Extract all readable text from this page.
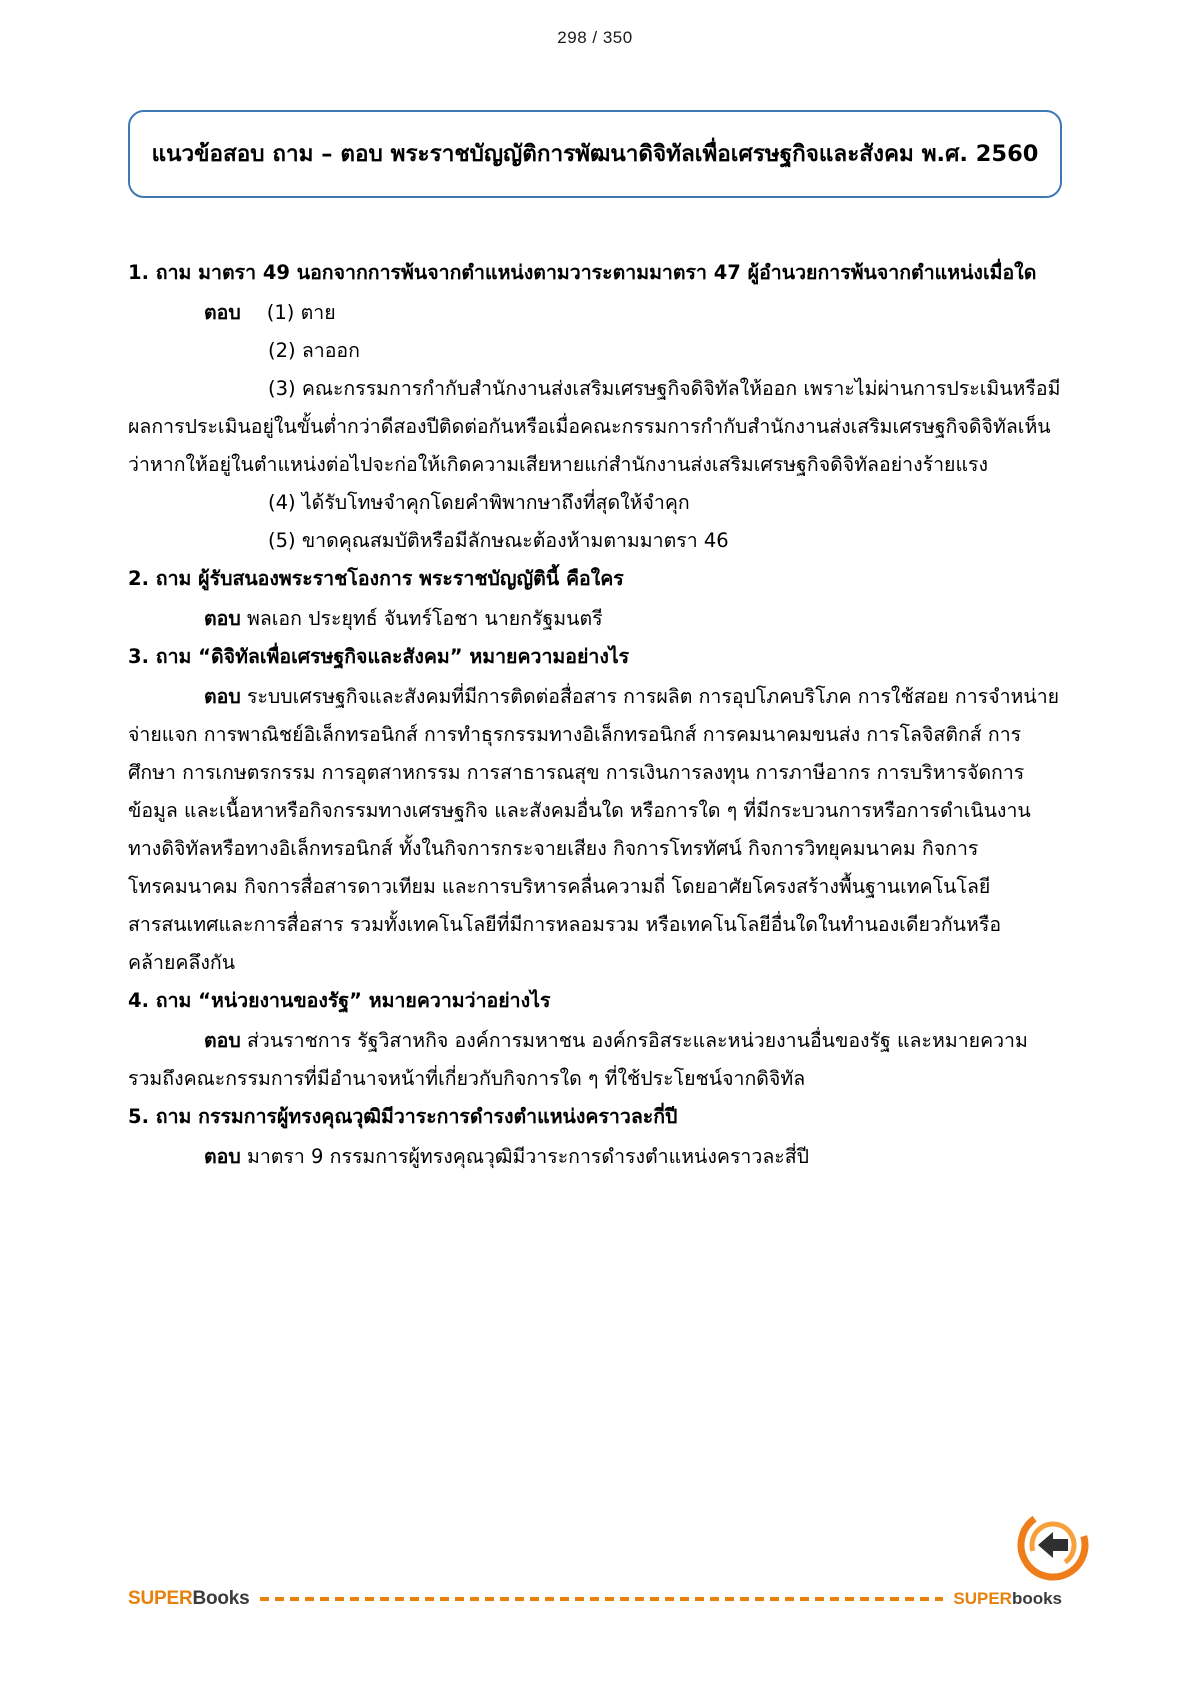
298 / 350
แนวข้อสอบ ถาม – ตอบ พระราชบัญญัติการพัฒนาดิจิทัลเพื่อเศรษฐกิจและสังคม พ.ศ. 2560

1. ถาม มาตรา 49 นอกจากการพ้นจากตำแหน่งตามวาระตามมาตรา 47 ผู้อำนวยการพ้นจากตำแหน่งเมื่อใด

ตอบ (1) ตาย

(2) ลาออก

(3) คณะกรรมการกำกับสำนักงานส่งเสริมเศรษฐกิจดิจิทัลให้ออก เพราะไม่ผ่านการประเมินหรือมีผลการประเมินอยู่ในขั้นต่ำกว่าดีสองปีติดต่อกันหรือเมื่อคณะกรรมการกำกับสำนักงานส่งเสริมเศรษฐกิจดิจิทัลเห็นว่าหากให้อยู่ในตำแหน่งต่อไปจะก่อให้เกิดความเสียหายแก่สำนักงานส่งเสริมเศรษฐกิจดิจิทัลอย่างร้ายแรง

(4) ได้รับโทษจำคุกโดยคำพิพากษาถึงที่สุดให้จำคุก

(5) ขาดคุณสมบัติหรือมีลักษณะต้องห้ามตามมาตรา 46

2. ถาม ผู้รับสนองพระราชโองการ พระราชบัญญัตินี้ คือใคร

ตอบ พลเอก ประยุทธ์ จันทร์โอชา นายกรัฐมนตรี

3. ถาม “ดิจิทัลเพื่อเศรษฐกิจและสังคม” หมายความอย่างไร

ตอบ ระบบเศรษฐกิจและสังคมที่มีการติดต่อสื่อสาร การผลิต การอุปโภคบริโภค การใช้สอย การจำหน่ายจ่ายแจก การพาณิชย์อิเล็กทรอนิกส์ การทำธุรกรรมทางอิเล็กทรอนิกส์ การคมนาคมขนส่ง การโลจิสติกส์ การศึกษา การเกษตรกรรม การอุตสาหกรรม การสาธารณสุข การเงินการลงทุน การภาษีอากร การบริหารจัดการข้อมูล และเนื้อหาหรือกิจกรรมทางเศรษฐกิจ และสังคมอื่นใด หรือการใด ๆ ที่มีกระบวนการหรือการดำเนินงานทางดิจิทัลหรือทางอิเล็กทรอนิกส์ ทั้งในกิจการกระจายเสียง กิจการโทรทัศน์ กิจการวิทยุคมนาคม กิจการโทรคมนาคม กิจการสื่อสารดาวเทียม และการบริหารคลื่นความถี่ โดยอาศัยโครงสร้างพื้นฐานเทคโนโลยีสารสนเทศและการสื่อสาร รวมทั้งเทคโนโลยีที่มีการหลอมรวม หรือเทคโนโลยีอื่นใดในทำนองเดียวกันหรือคล้ายคลึงกัน

4. ถาม “หน่วยงานของรัฐ” หมายความว่าอย่างไร

ตอบ ส่วนราชการ รัฐวิสาหกิจ องค์การมหาชน องค์กรอิสระและหน่วยงานอื่นของรัฐ และหมายความรวมถึงคณะกรรมการที่มีอำนาจหน้าที่เกี่ยวกับกิจการใด ๆ ที่ใช้ประโยชน์จากดิจิทัล

5. ถาม กรรมการผู้ทรงคุณวุฒิมีวาระการดำรงตำแหน่งคราวละกี่ปี

ตอบ มาตรา 9 กรรมการผู้ทรงคุณวุฒิมีวาระการดำรงตำแหน่งคราวละสี่ปี

SUPERBooks	SUPERbooks
